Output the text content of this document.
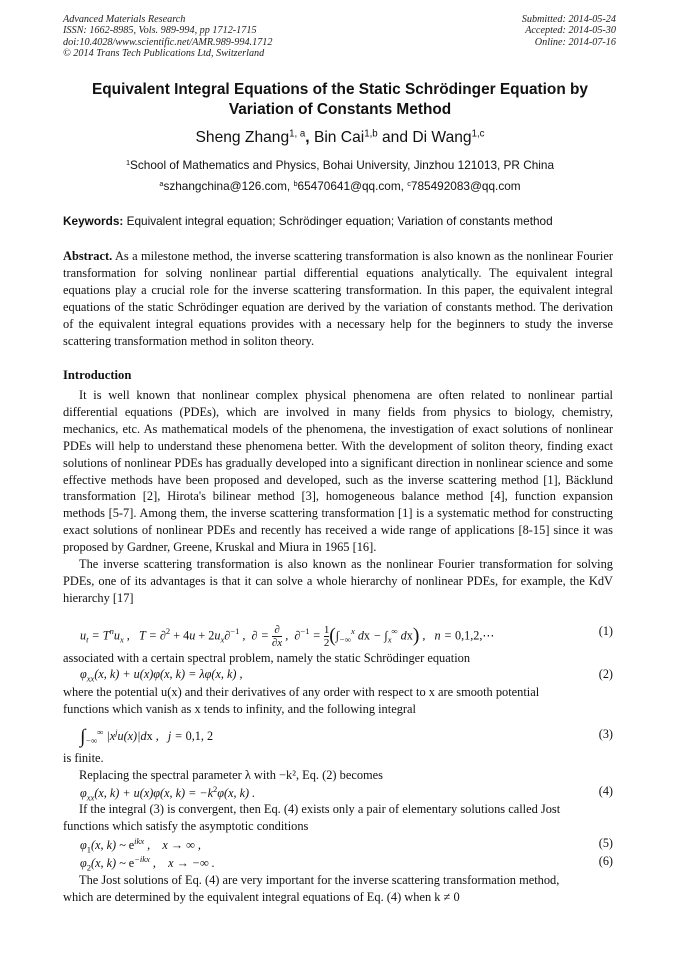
Advanced Materials Research
ISSN: 1662-8985, Vols. 989-994, pp 1712-1715
doi:10.4028/www.scientific.net/AMR.989-994.1712
© 2014 Trans Tech Publications Ltd, Switzerland
Submitted: 2014-05-24
Accepted: 2014-05-30
Online: 2014-07-16
Equivalent Integral Equations of the Static Schrödinger Equation by
Variation of Constants Method
Sheng Zhang$^{1, a}$, Bin Cai$^{1,b}$ and Di Wang$^{1,c}$
$^1$School of Mathematics and Physics, Bohai University, Jinzhou 121013, PR China
$^a$szhangchina@126.com, $^b$65470641@qq.com, $^c$785492083@qq.com
Keywords: Equivalent integral equation; Schrödinger equation; Variation of constants method
Abstract. As a milestone method, the inverse scattering transformation is also known as the nonlinear Fourier transformation for solving nonlinear partial differential equations analytically. The equivalent integral equations play a crucial role for the inverse scattering transformation. In this paper, the equivalent integral equations of the static Schrödinger equation are derived by the variation of constants method. The derivation of the equivalent integral equations provides with a necessary help for the beginners to study the inverse scattering transformation method in soliton theory.
Introduction

It is well known that nonlinear complex physical phenomena are often related to nonlinear partial differential equations (PDEs), which are involved in many fields from physics to biology, chemistry, mechanics, etc. As mathematical models of the phenomena, the investigation of exact solutions of nonlinear PDEs will help to understand these phenomena better. With the development of soliton theory, finding exact solutions of nonlinear PDEs has gradually developed into a significant direction in nonlinear science and some effective methods have been proposed and developed, such as the inverse scattering method [1], Bäcklund transformation [2], Hirota's bilinear method [3], homogeneous balance method [4], function expansion methods [5-7]. Among them, the inverse scattering transformation [1] is a systematic method for constructing exact solutions of nonlinear PDEs and recently has received a wide range of applications [8-15] since it was proposed by Gardner, Greene, Kruskal and Miura in 1965 [16].

The inverse scattering transformation is also known as the nonlinear Fourier transformation for solving PDEs, one of its advantages is that it can solve a whole hierarchy of nonlinear PDEs, for example, the KdV hierarchy [17]

$u_t = T^nu_x$ ,   $T = \partial^2 + 4u + 2u_x\partial^{-1}$ ,  ∂ = $\frac{\partial}{\partial x}$ ,  $\partial^{-1} = \frac{1}{2} (\int_{-\infty}^x$ dx − $\int_x^\infty$ dx) ,   n = 0,1,2,⋯	(1)
associated with a certain spectral problem, namely the static Schrödinger equation
$\varphi_{xx}(x$, k) + u(x)φ(x, k) = λφ(x, k) ,	(2)
where the potential u(x) and their derivatives of any order with respect to x are smooth potential
functions which vanish as x tends to infinity, and the following integral
$\int_{-\infty}^\infty$ $|x^ju(x)|dx$ ,   j = 0,1, 2	(3)
is finite.
Replacing the spectral parameter λ with −k², Eq. (2) becomes
$\varphi_{xx}(x$, k) + u(x)φ(x, $k) = -k^2\varphi(x$, k) .	(4)
If the integral (3) is convergent, then Eq. (4) exists only a pair of elementary solutions called Jost
functions which satisfy the asymptotic conditions
$\varphi_1(x$, k) ~ $e^{ikx}$ ,    x → ∞ ,	(5)
$\varphi_2(x$, k) ~ $e^{-ikx}$ ,    x → −∞ .	(6)
The Jost solutions of Eq. (4) are very important for the inverse scattering transformation method,
which are determined by the equivalent integral equations of Eq. (4) when k ≠ 0
